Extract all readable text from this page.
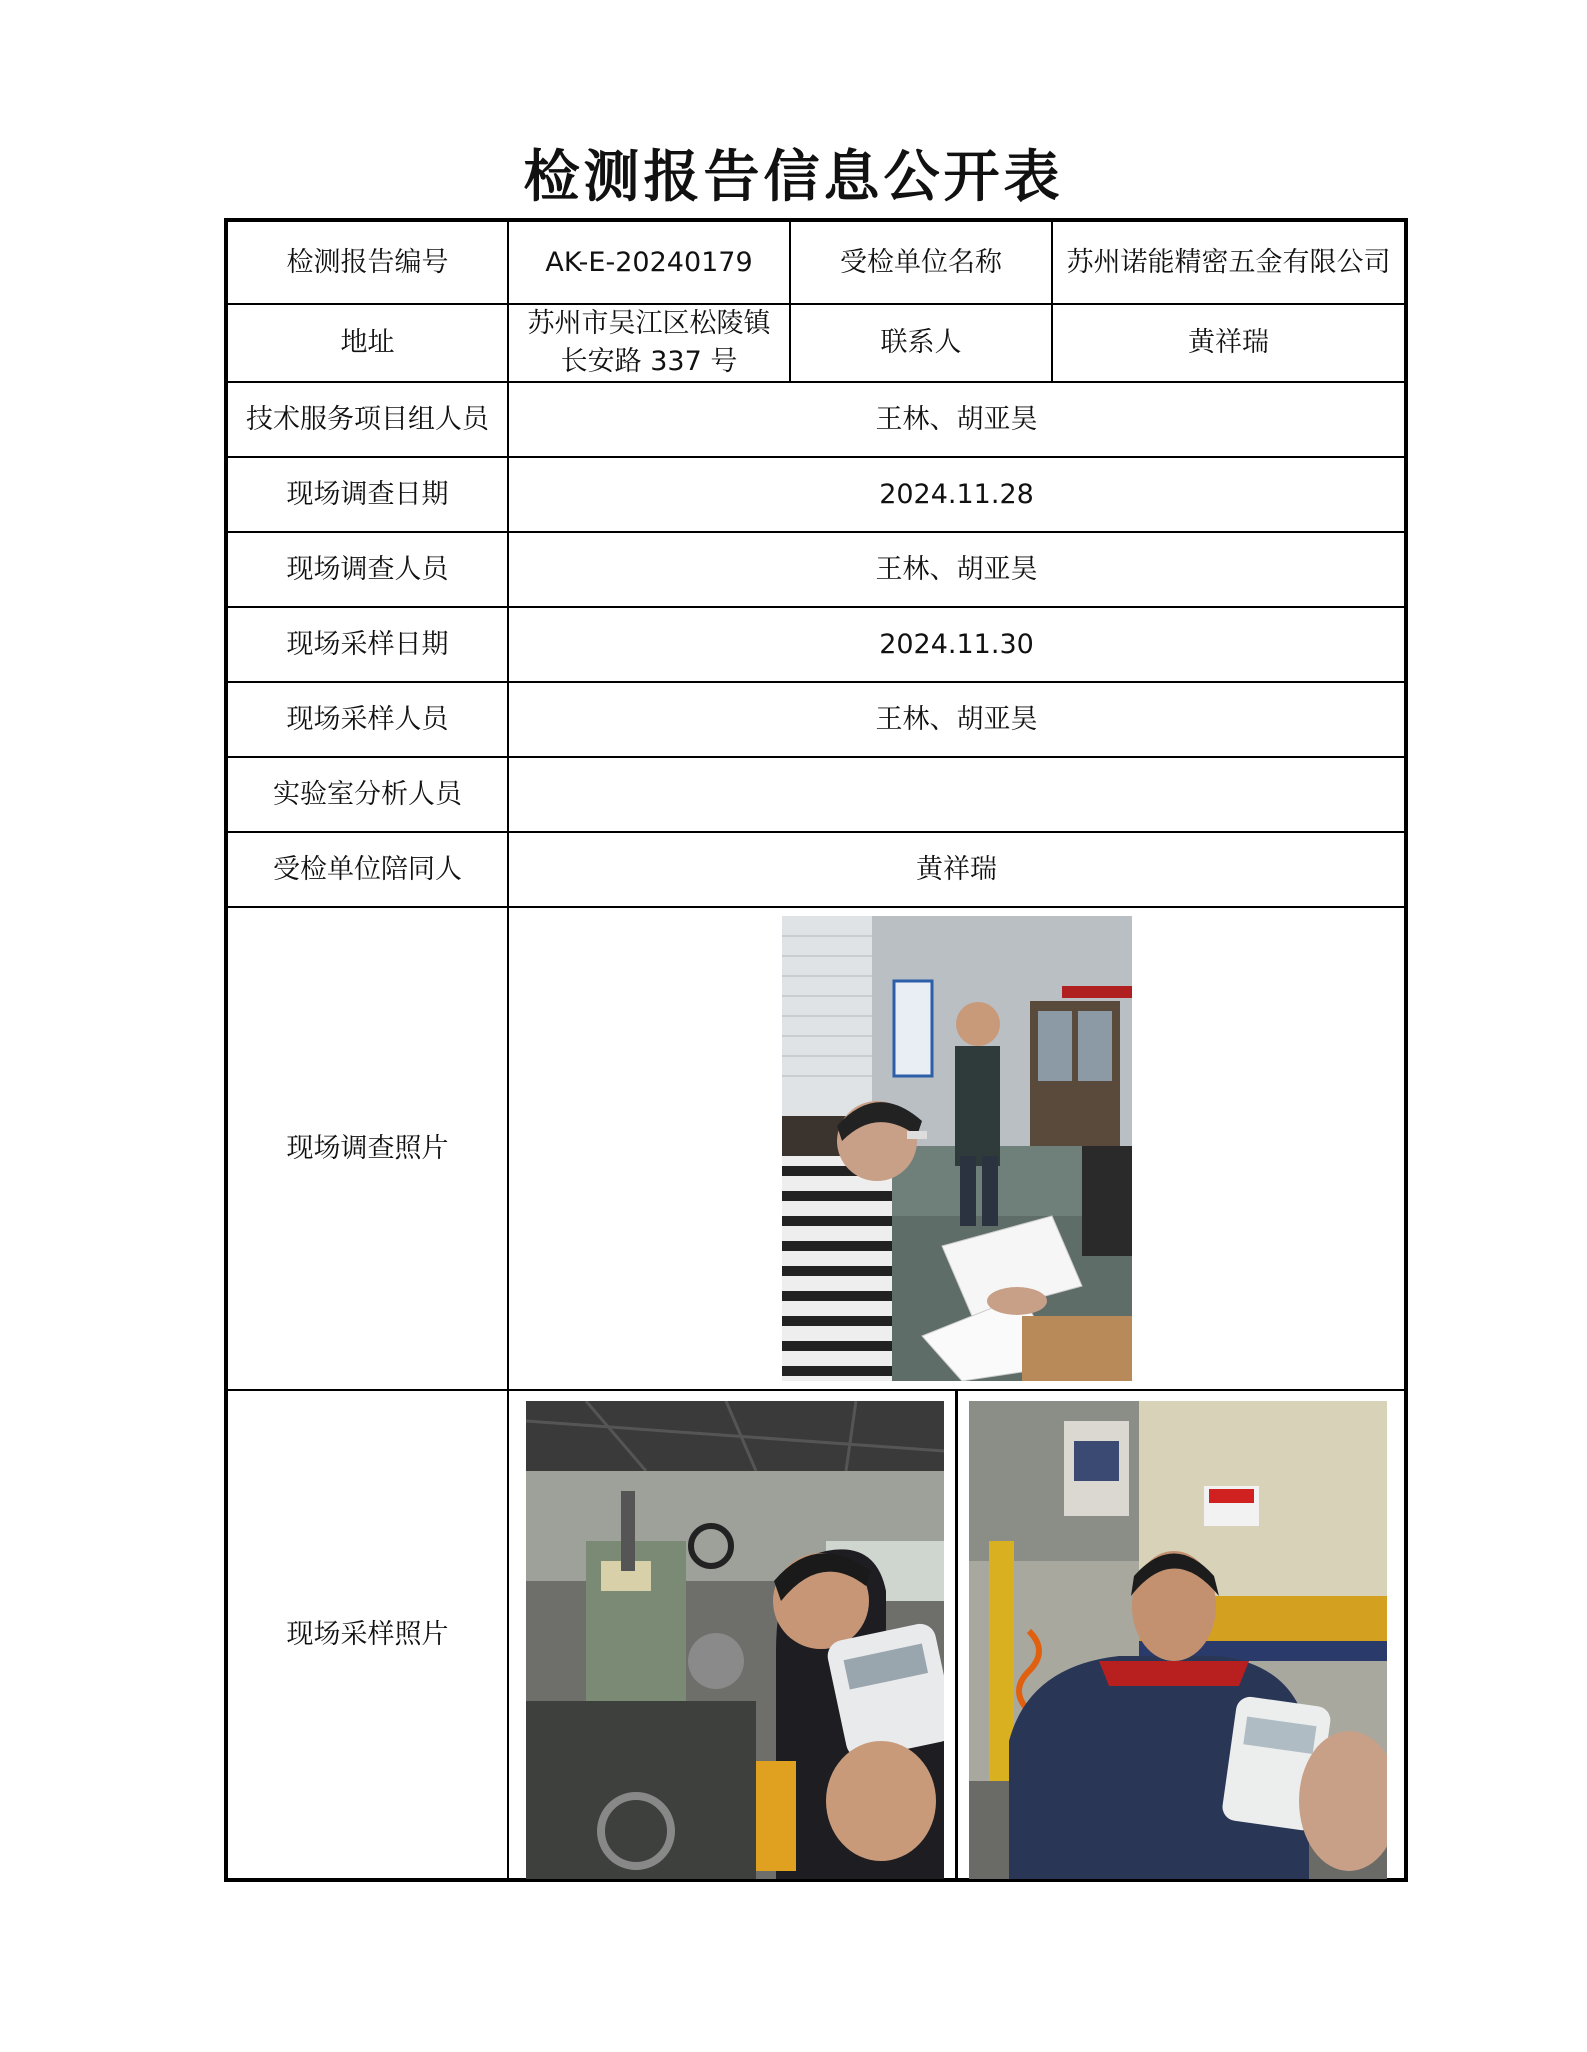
检测报告信息公开表
检测报告编号	AK-E-20240179	受检单位名称	苏州诺能精密五金有限公司
地址	苏州市吴江区松陵镇长安路 337 号	联系人	黄祥瑞
技术服务项目组人员	王林、胡亚昊		
现场调查日期	2024.11.28		
现场调查人员	王林、胡亚昊		
现场采样日期	2024.11.30		
现场采样人员	王林、胡亚昊		
实验室分析人员			
受检单位陪同人	黄祥瑞		
现场调查照片	

现场采样照片	
